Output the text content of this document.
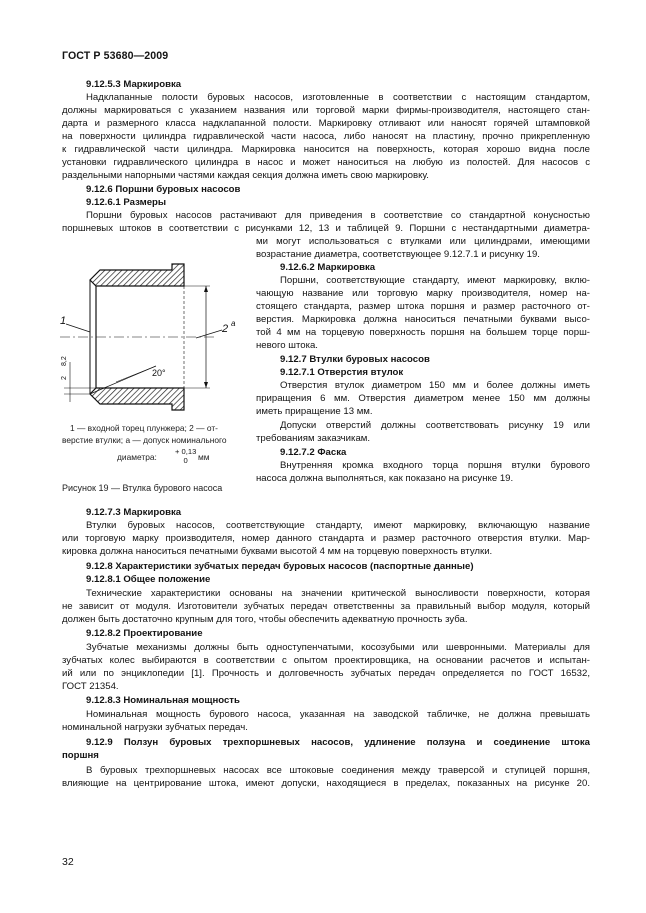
ГОСТ Р 53680—2009
9.12.5.3 Маркировка
Надклапанные полости буровых насосов, изготовленные в соответствии с настоящим стандартом,
должны маркироваться с указанием названия или торговой марки фирмы-производителя, настоящего стан-
дарта и размерного класса надклапанной полости. Маркировку отливают или наносят горячей штамповкой
на поверхности цилиндра гидравлической части насоса, либо наносят на пластину, прочно прикрепленную
к гидравлической части цилиндра. Маркировка наносится на поверхность, которая хорошо видна после
установки гидравлического цилиндра в насос и может наноситься на любую из полостей. Для насосов с
раздельными напорными частями каждая секция должна иметь свою маркировку.
9.12.6 Поршни буровых насосов
9.12.6.1 Размеры
Поршни буровых насосов растачивают для приведения в соответствие со стандартной конусностью
поршневых штоков в соответствии с рисунками 12, 13 и таблицей 9. Поршни с нестандартными диаметра-
ми могут использоваться с втулками или цилиндрами, имеющими
возрастание диаметра, соответствующее 9.12.7.1 и рисунку 19.
9.12.6.2 Маркировка
Поршни, соответствующие стандарту, имеют маркировку, вклю-
чающую название или торговую марку производителя, номер на-
стоящего стандарта, размер штока поршня и размер расточного от-
верстия. Маркировка должна наноситься печатными буквами высо-
той 4 мм на торцевую поверхность поршня на большем торце порш-
невого штока.
9.12.7 Втулки буровых насосов
9.12.7.1 Отверстия втулок
Отверстия втулок диаметром 150 мм и более должны иметь
приращения 6 мм. Отверстия диаметром менее 150 мм должны
иметь приращение 13 мм.
Допуски отверстий должны соответствовать рисунку 19 или
требованиям заказчикам.
9.12.7.2 Фаска
Внутренняя кромка входного торца поршня втулки бурового
насоса должна выполняться, как показано на рисунке 19.
1
2 a
20°
2
8,2
1 — входной торец плунжера; 2 — от-
верстие втулки; a — допуск номинального
диаметра:
+ 0,13
0	мм
Рисунок 19 — Втулка бурового насоса
9.12.7.3 Маркировка
Втулки буровых насосов, соответствующие стандарту, имеют маркировку, включающую название
или торговую марку производителя, номер данного стандарта и размер расточного отверстия втулки. Мар-
кировка должна наноситься печатными буквами высотой 4 мм на торцевую поверхность втулки.
9.12.8 Характеристики зубчатых передач буровых насосов (паспортные данные)
9.12.8.1 Общее положение
Технические характеристики основаны на значении критической выносливости поверхности, которая
не зависит от модуля. Изготовители зубчатых передач ответственны за правильный выбор модуля, который
должен быть достаточно крупным для того, чтобы обеспечить адекватную прочность зуба.
9.12.8.2 Проектирование
Зубчатые механизмы должны быть одноступенчатыми, косозубыми или шевронными. Материалы для
зубчатых колес выбираются в соответствии с опытом проектировщика, на основании расчетов и испытан-
ий или по энциклопедии [1]. Прочность и долговечность зубчатых передач определяется по ГОСТ 16532,
ГОСТ 21354.
9.12.8.3 Номинальная мощность
Номинальная мощность бурового насоса, указанная на заводской табличке, не должна превышать
номинальной нагрузки зубчатых передач.
9.12.9 Ползун буровых трехпоршневых насосов, удлинение ползуна и соединение штока
поршня
В буровых трехпоршневых насосах все штоковые соединения между траверсой и ступицей поршня,
влияющие на центрирование штока, имеют допуски, находящиеся в пределах, показанных на рисунке 20.
32
